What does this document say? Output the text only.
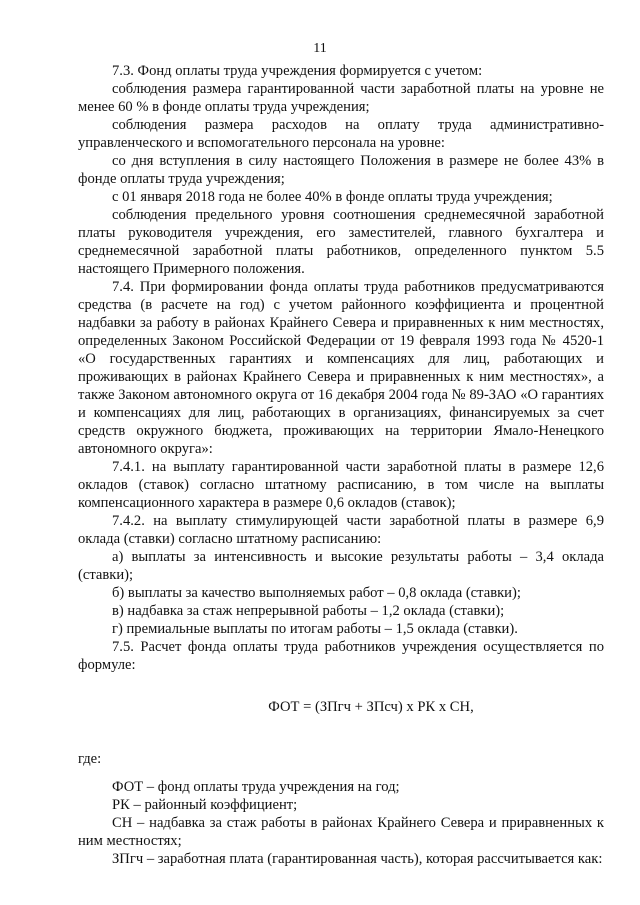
11

7.3. Фонд оплаты труда учреждения формируется с учетом:

соблюдения размера гарантированной части заработной платы на уровне не менее 60 % в фонде оплаты труда учреждения;

соблюдения размера расходов на оплату труда административно-управленческого и вспомогательного персонала на уровне:

со дня вступления в силу настоящего Положения в размере не более 43% в фонде оплаты труда учреждения;

с 01 января 2018 года не более 40% в фонде оплаты труда учреждения;

соблюдения предельного уровня соотношения среднемесячной заработной платы руководителя учреждения, его заместителей, главного бухгалтера и среднемесячной заработной платы работников, определенного пунктом 5.5 настоящего Примерного положения.

7.4. При формировании фонда оплаты труда работников предусматриваются средства (в расчете на год) с учетом районного коэффициента и процентной надбавки за работу в районах Крайнего Севера и приравненных к ним местностях, определенных Законом Российской Федерации от 19 февраля 1993 года № 4520-1 «О государственных гарантиях и компенсациях для лиц, работающих и проживающих в районах Крайнего Севера и приравненных к ним местностях», а также Законом автономного округа от 16 декабря 2004 года № 89-ЗАО «О гарантиях и компенсациях для лиц, работающих в организациях, финансируемых за счет средств окружного бюджета, проживающих на территории Ямало-Ненецкого автономного округа»:

7.4.1. на выплату гарантированной части заработной платы в размере 12,6 окладов (ставок) согласно штатному расписанию, в том числе на выплаты компенсационного характера в размере 0,6 окладов (ставок);

7.4.2. на выплату стимулирующей части заработной платы в размере 6,9 оклада (ставки) согласно штатному расписанию:

а) выплаты за интенсивность и высокие результаты работы – 3,4 оклада (ставки);

б) выплаты за качество выполняемых работ – 0,8 оклада (ставки);

в) надбавка за стаж непрерывной работы – 1,2 оклада (ставки);

г) премиальные выплаты по итогам работы – 1,5 оклада (ставки).

7.5. Расчет фонда оплаты труда работников учреждения осуществляется по формуле:

ФОТ = (ЗПгч + ЗПсч) х РК х СН,

где:

ФОТ – фонд оплаты труда учреждения на год;

РК – районный коэффициент;

СН – надбавка за стаж работы в районах Крайнего Севера и приравненных к ним местностях;

ЗПгч – заработная плата (гарантированная часть), которая рассчитывается как:
